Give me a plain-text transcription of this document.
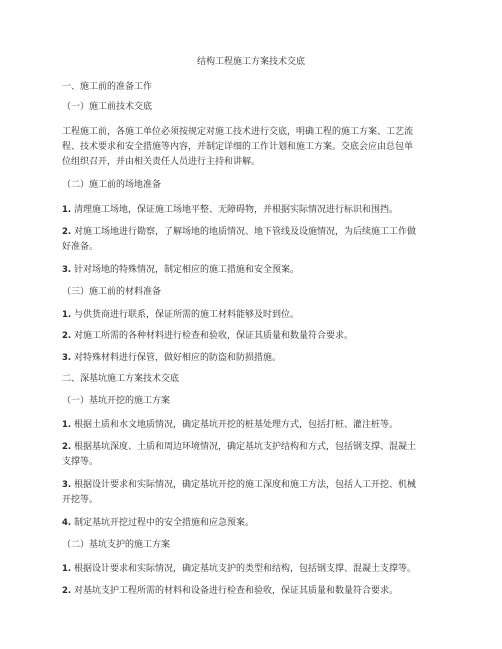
结构工程施工方案技术交底
一、施工前的准备工作
（一）施工前技术交底
工程施工前，各施工单位必须按规定对施工技术进行交底，明确工程的施工方案、工艺流
程、技术要求和安全措施等内容，并制定详细的工作计划和施工方案。交底会应由总包单
位组织召开，并由相关责任人员进行主持和讲解。
（二）施工前的场地准备
1. 清理施工场地，保证施工场地平整、无障碍物，并根据实际情况进行标识和围挡。
2. 对施工场地进行勘察，了解场地的地质情况、地下管线及设施情况，为后续施工工作做
好准备。
3. 针对场地的特殊情况，制定相应的施工措施和安全预案。
（三）施工前的材料准备
1. 与供货商进行联系，保证所需的施工材料能够及时到位。
2. 对施工所需的各种材料进行检查和验收，保证其质量和数量符合要求。
3. 对特殊材料进行保管，做好相应的防盗和防损措施。
二、深基坑施工方案技术交底
（一）基坑开挖的施工方案
1. 根据土质和水文地质情况，确定基坑开挖的桩基处理方式，包括打桩、灌注桩等。
2. 根据基坑深度、土质和周边环境情况，确定基坑支护结构和方式，包括钢支撑、混凝土
支撑等。
3. 根据设计要求和实际情况，确定基坑开挖的施工深度和施工方法，包括人工开挖、机械
开挖等。
4. 制定基坑开挖过程中的安全措施和应急预案。
（二）基坑支护的施工方案
1. 根据设计要求和实际情况，确定基坑支护的类型和结构，包括钢支撑、混凝土支撑等。
2. 对基坑支护工程所需的材料和设备进行检查和验收，保证其质量和数量符合要求。
